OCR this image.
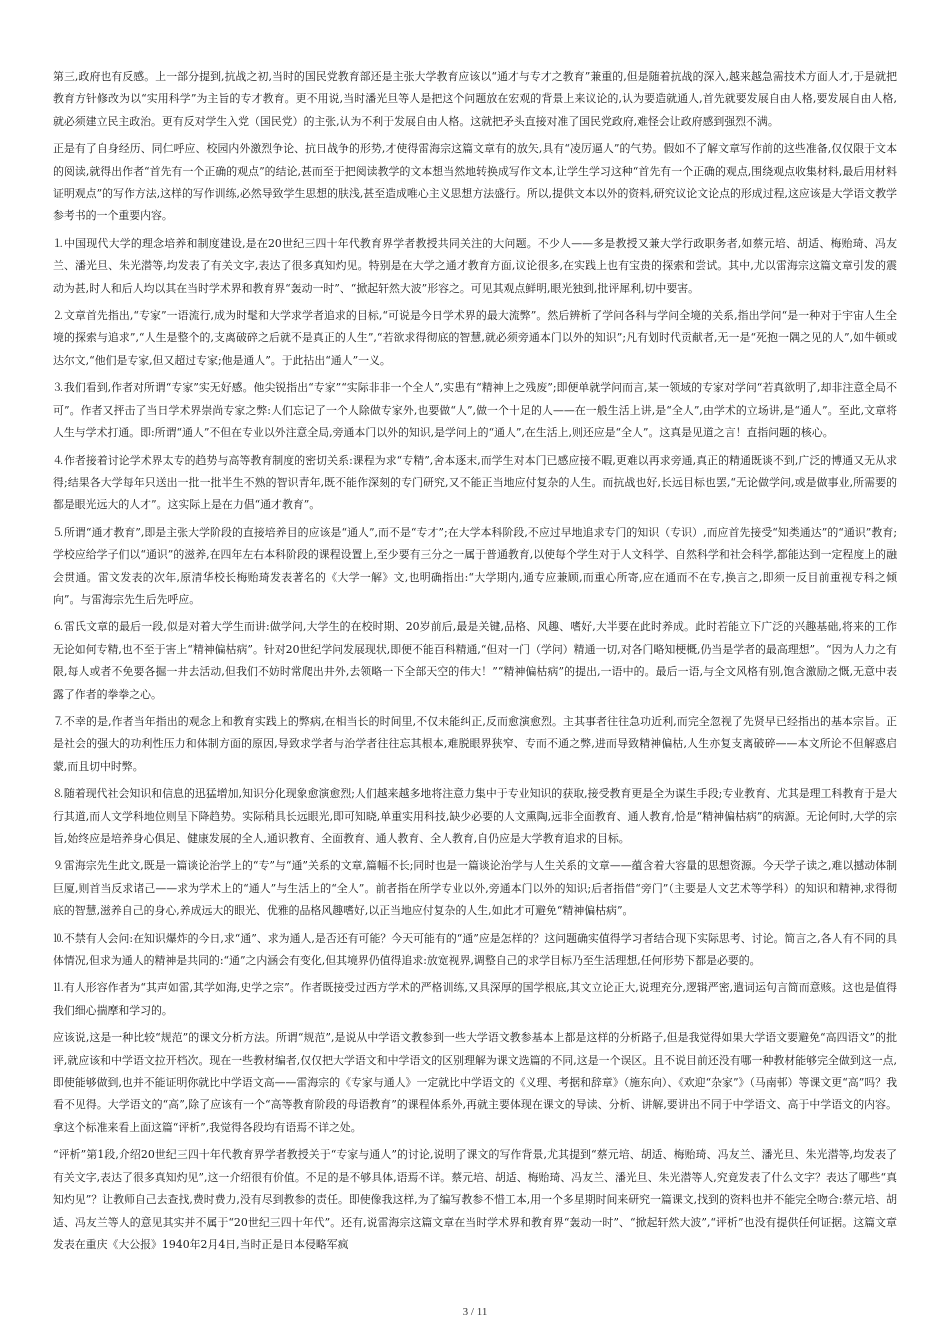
第三,政府也有反感。上一部分提到,抗战之初,当时的国民党教育部还是主张大学教育应该以“通才与专才之教育”兼重的,但是随着抗战的深入,越来越急需技术方面人才,于是就把教育方针修改为以“实用科学”为主旨的专才教育。更不用说,当时潘光旦等人是把这个问题放在宏观的背景上来议论的,认为要造就通人,首先就要发展自由人格,要发展自由人格,就必须建立民主政治。更有反对学生入党（国民党）的主张,认为不利于发展自由人格。这就把矛头直接对准了国民党政府,难怪会让政府感到强烈不满。

正是有了自身经历、同仁呼应、校园内外激烈争论、抗日战争的形势,才使得雷海宗这篇文章有的放矢,具有“凌厉逼人”的气势。假如不了解文章写作前的这些准备,仅仅限于文本的阅读,就得出作者“首先有一个正确的观点”的结论,甚而至于把阅读教学的文本想当然地转换成写作文本,让学生学习这种“首先有一个正确的观点,围绕观点收集材料,最后用材料证明观点”的写作方法,这样的写作训练,必然导致学生思想的肤浅,甚至造成唯心主义思想方法盛行。所以,提供文本以外的资料,研究议论文论点的形成过程,这应该是大学语文教学参考书的一个重要内容。

⒈中国现代大学的理念培养和制度建设,是在20世纪三四十年代教育界学者教授共同关注的大问题。不少人——多是教授又兼大学行政职务者,如蔡元培、胡适、梅贻琦、冯友兰、潘光旦、朱光潜等,均发表了有关文字,表达了很多真知灼见。特别是在大学之通才教育方面,议论很多,在实践上也有宝贵的探索和尝试。其中,尤以雷海宗这篇文章引发的震动为甚,时人和后人均以其在当时学术界和教育界“轰动一时”、“掀起轩然大波”形容之。可见其观点鲜明,眼光独到,批评犀利,切中要害。

⒉文章首先指出,“专家”一语流行,成为时髦和大学求学者追求的目标,“可说是今日学术界的最大流弊”。然后辨析了学问各科与学问全境的关系,指出学问“是一种对于宇宙人生全境的探索与追求”,“人生是整个的,支离破碎之后就不是真正的人生”,“若欲求得彻底的智慧,就必须旁通本门以外的知识”;凡有划时代贡献者,无一是“死抱一隅之见的人”,如牛顿或达尔文,“他们是专家,但又超过专家;他是通人”。于此拈出“通人”一义。

⒊我们看到,作者对所谓“专家”实无好感。他尖锐指出“专家”“实际非非一个全人”,实患有“精神上之残废”;即便单就学问而言,某一领域的专家对学问“若真欲明了,却非注意全局不可”。作者又抨击了当日学术界崇尚专家之弊:人们忘记了一个人除做专家外,也要做“人”,做一个十足的人——在一般生活上讲,是“全人”,由学术的立场讲,是“通人”。至此,文章将人生与学术打通。即:所谓“通人”不但在专业以外注意全局,旁通本门以外的知识,是学问上的“通人”,在生活上,则还应是“全人”。这真是见道之言！直指问题的核心。

⒋作者接着讨论学术界太专的趋势与高等教育制度的密切关系:课程为求“专精”,舍本逐末,而学生对本门已感应接不暇,更难以再求旁通,真正的精通既谈不到,广泛的博通又无从求得;结果各大学每年只送出一批一批半生不熟的智识青年,既不能作深刻的专门研究,又不能正当地应付复杂的人生。而抗战也好,长远目标也罢,“无论做学问,或是做事业,所需要的都是眼光远大的人才”。这实际上是在力倡“通才教育”。

⒌所谓“通才教育”,即是主张大学阶段的直接培养目的应该是“通人”,而不是“专才”;在大学本科阶段,不应过早地追求专门的知识（专识）,而应首先接受“知类通达”的“通识”教育;学校应给学子们以“通识”的滋养,在四年左右本科阶段的课程设置上,至少要有三分之一属于普通教育,以使每个学生对于人文科学、自然科学和社会科学,都能达到一定程度上的融会贯通。雷文发表的次年,原清华校长梅贻琦发表著名的《大学一解》文,也明确指出:“大学期内,通专应兼顾,而重心所寄,应在通而不在专,换言之,即须一反目前重视专科之倾向”。与雷海宗先生后先呼应。

⒍雷氏文章的最后一段,似是对着大学生而讲:做学问,大学生的在校时期、20岁前后,最是关键,品格、风趣、嗜好,大半要在此时养成。此时若能立下广泛的兴趣基础,将来的工作无论如何专精,也不至于害上“精神偏枯病”。针对20世纪学问发展现状,即便不能百科精通,“但对一门（学问）精通一切,对各门略知梗概,仍当是学者的最高理想”。“因为人力之有限,每人或者不免要各掘一井去活动,但我们不妨时常爬出井外,去领略一下全部天空的伟大！”“精神偏枯病”的提出,一语中的。最后一语,与全文风格有别,饱含激励之慨,无意中表露了作者的拳拳之心。

⒎不幸的是,作者当年指出的观念上和教育实践上的弊病,在相当长的时间里,不仅未能纠正,反而愈演愈烈。主其事者往往急功近利,而完全忽视了先贤早已经指出的基本宗旨。正是社会的强大的功利性压力和体制方面的原因,导致求学者与治学者往往忘其根本,难脱眼界狭窄、专而不通之弊,进而导致精神偏枯,人生亦复支离破碎——本文所论不但解惑启蒙,而且切中时弊。

⒏随着现代社会知识和信息的迅猛增加,知识分化现象愈演愈烈;人们越来越多地将注意力集中于专业知识的获取,接受教育更是全为谋生手段;专业教育、尤其是理工科教育于是大行其道,而人文学科地位则呈下降趋势。实际稍具长远眼光,即可知晓,单重实用科技,缺少必要的人文熏陶,远非全面教育、通人教育,恰是“精神偏枯病”的病源。无论何时,大学的宗旨,始终应是培养身心俱足、健康发展的全人,通识教育、全面教育、通人教育、全人教育,自仍应是大学教育追求的目标。

⒐雷海宗先生此文,既是一篇谈论治学上的“专”与“通”关系的文章,篇幅不长;同时也是一篇谈论治学与人生关系的文章——蕴含着大容量的思想资源。今天学子读之,难以撼动体制巨厦,则首当反求诸己——求为学术上的“通人”与生活上的“全人”。前者指在所学专业以外,旁通本门以外的知识;后者指借“旁门”（主要是人文艺术等学科）的知识和精神,求得彻底的智慧,滋养自己的身心,养成远大的眼光、优雅的品格风趣嗜好,以正当地应付复杂的人生,如此才可避免“精神偏枯病”。

⒑不禁有人会问:在知识爆炸的今日,求“通”、求为通人,是否还有可能？今天可能有的“通”应是怎样的？这问题确实值得学习者结合现下实际思考、讨论。简言之,各人有不同的具体情况,但求为通人的精神是共同的:“通”之内涵会有变化,但其境界仍值得追求:放宽视界,调整自己的求学目标乃至生活理想,任何形势下都是必要的。

⒒有人形容作者为“其声如雷,其学如海,史学之宗”。作者既接受过西方学术的严格训练,又具深厚的国学根底,其文立论正大,说理充分,逻辑严密,遣词运句言简而意赅。这也是值得我们细心揣摩和学习的。

应该说,这是一种比较“规范”的课文分析方法。所谓“规范”,是说从中学语文教参到一些大学语文教参基本上都是这样的分析路子,但是我觉得如果大学语文要避免“高四语文”的批评,就应该和中学语文拉开档次。现在一些教材编者,仅仅把大学语文和中学语文的区别理解为课文选篇的不同,这是一个误区。且不说目前还没有哪一种教材能够完全做到这一点,即使能够做到,也并不能证明你就比中学语文高——雷海宗的《专家与通人》一定就比中学语文的《义理、考据和辞章》（施东向）、《欢迎“杂家”》（马南邨）等课文更“高”吗？我看不见得。大学语文的“高”,除了应该有一个“高等教育阶段的母语教育”的课程体系外,再就主要体现在课文的导读、分析、讲解,要讲出不同于中学语文、高于中学语文的内容。拿这个标准来看上面这篇“评析”,我觉得各段均有语焉不详之处。

“评析”第1段,介绍20世纪三四十年代教育界学者教授关于“专家与通人”的讨论,说明了课文的写作背景,尤其提到“蔡元培、胡适、梅贻琦、冯友兰、潘光旦、朱光潜等,均发表了有关文字,表达了很多真知灼见”,这一介绍很有价值。不足的是不够具体,语焉不详。蔡元培、胡适、梅贻琦、冯友兰、潘光旦、朱光潜等人,究竟发表了什么文字？表达了哪些“真知灼见”？让教师自己去查找,费时费力,没有尽到教参的责任。即使像我这样,为了编写教参不惜工本,用一个多星期时间来研究一篇课文,找到的资料也并不能完全吻合:蔡元培、胡适、冯友兰等人的意见其实并不属于“20世纪三四十年代”。还有,说雷海宗这篇文章在当时学术界和教育界“轰动一时”、“掀起轩然大波”,“评析”也没有提供任何证据。这篇文章发表在重庆《大公报》1940年2月4日,当时正是日本侵略军疯

3 / 11
